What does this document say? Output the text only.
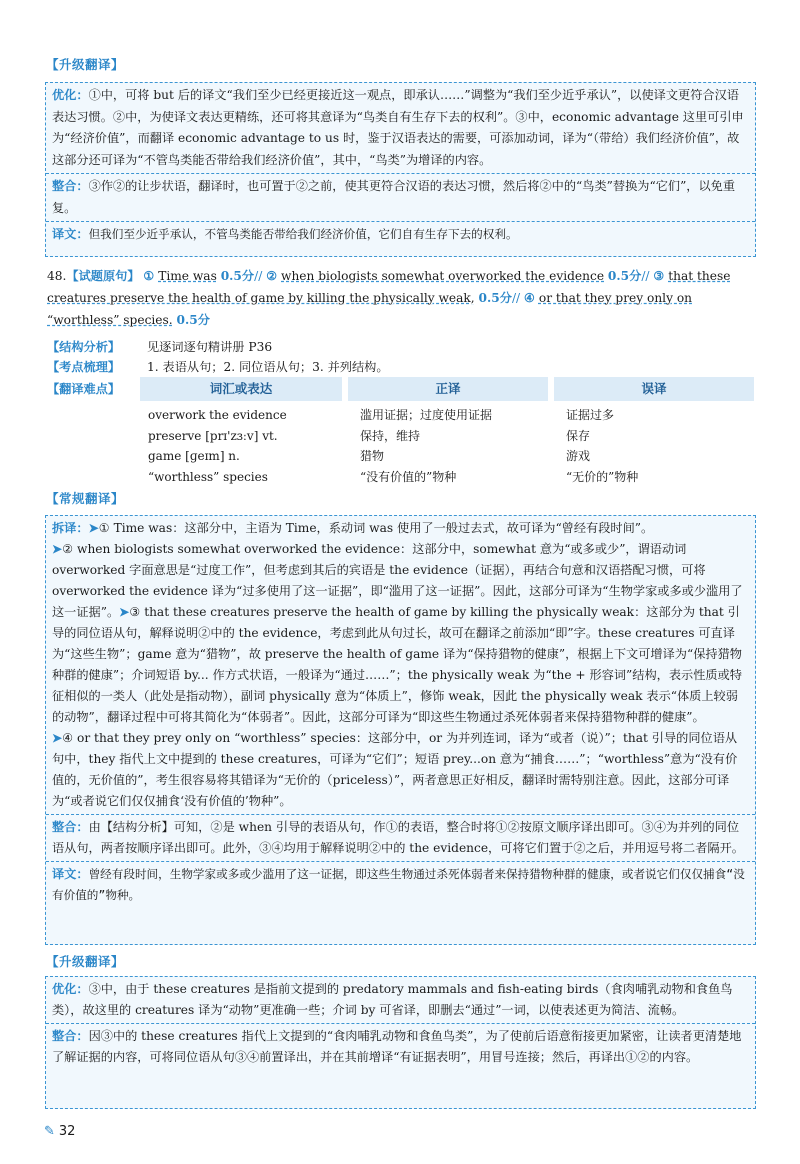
【升级翻译】
优化：①中，可将 but 后的译文“我们至少已经更接近这一观点，即承认……”调整为“我们至少近乎承认”，以使译文更符合汉语表达习惯。②中，为使译文表达更精练，还可将其意译为“鸟类自有生存下去的权利”。③中，economic advantage 这里可引申为“经济价值”，而翻译 economic advantage to us 时，鉴于汉语表达的需要，可添加动词，译为“（带给）我们经济价值”，故这部分还可译为“不管鸟类能否带给我们经济价值”，其中，“鸟类”为增译的内容。
整合：③作②的让步状语，翻译时，也可置于②之前，使其更符合汉语的表达习惯，然后将②中的“鸟类”替换为“它们”，以免重复。
译文：但我们至少近乎承认，不管鸟类能否带给我们经济价值，它们自有生存下去的权利。
48.【试题原句】 ① Time was 0.5分// ② when biologists somewhat overworked the evidence 0.5分// ③ that these creatures preserve the health of game by killing the physically weak, 0.5分// ④ or that they prey only on “worthless” species. 0.5分
【结构分析】 见逐词逐句精讲册 P36
【考点梳理】 1. 表语从句；2. 同位语从句；3. 并列结构。
【翻译难点】	词汇或表达	正译	误译
overwork the evidence	滥用证据；过度使用证据	证据过多
preserve [prɪ'zɜːv] vt.	保持，维持	保存
game [ɡeɪm] n.	猎物	游戏
“worthless” species	“没有价值的”物种	“无价的”物种
【常规翻译】
拆译：➤① Time was：这部分中，主语为 Time，系动词 was 使用了一般过去式，故可译为“曾经有段时间”。
➤② when biologists somewhat overworked the evidence：这部分中，somewhat 意为“或多或少”，谓语动词 overworked 字面意思是“过度工作”，但考虑到其后的宾语是 the evidence（证据），再结合句意和汉语搭配习惯，可将 overworked the evidence 译为“过多使用了这一证据”，即“滥用了这一证据”。因此，这部分可译为“生物学家或多或少滥用了这一证据”。➤③ that these creatures preserve the health of game by killing the physically weak：这部分为 that 引导的同位语从句，解释说明②中的 the evidence，考虑到此从句过长，故可在翻译之前添加“即”字。these creatures 可直译为“这些生物”；game 意为“猎物”，故 preserve the health of game 译为“保持猎物的健康”，根据上下文可增译为“保持猎物种群的健康”；介词短语 by... 作方式状语，一般译为“通过……”；the physically weak 为“the + 形容词”结构，表示性质或特征相似的一类人（此处是指动物），副词 physically 意为“体质上”，修饰 weak，因此 the physically weak 表示“体质上较弱的动物”，翻译过程中可将其简化为“体弱者”。因此，这部分可译为“即这些生物通过杀死体弱者来保持猎物种群的健康”。
➤④ or that they prey only on “worthless” species：这部分中，or 为并列连词，译为“或者（说）”；that 引导的同位语从句中，they 指代上文中提到的 these creatures，可译为“它们”；短语 prey...on 意为“捕食……”；“worthless”意为“没有价值的，无价值的”，考生很容易将其错译为“无价的（priceless）”，两者意思正好相反，翻译时需特别注意。因此，这部分可译为“或者说它们仅仅捕食‘没有价值的’物种”。
整合：由【结构分析】可知，②是 when 引导的表语从句，作①的表语，整合时将①②按原文顺序译出即可。③④为并列的同位语从句，两者按顺序译出即可。此外，③④均用于解释说明②中的 the evidence，可将它们置于②之后，并用逗号将二者隔开。
译文：曾经有段时间，生物学家或多或少滥用了这一证据，即这些生物通过杀死体弱者来保持猎物种群的健康，或者说它们仅仅捕食“没有价值的”物种。
【升级翻译】
优化：③中，由于 these creatures 是指前文提到的 predatory mammals and fish-eating birds（食肉哺乳动物和食鱼鸟类），故这里的 creatures 译为“动物”更准确一些；介词 by 可省译，即删去“通过”一词，以使表述更为简洁、流畅。
整合：因③中的 these creatures 指代上文提到的“食肉哺乳动物和食鱼鸟类”，为了使前后语意衔接更加紧密，让读者更清楚地了解证据的内容，可将同位语从句③④前置译出，并在其前增译“有证据表明”，用冒号连接；然后，再译出①②的内容。
✎ 32
